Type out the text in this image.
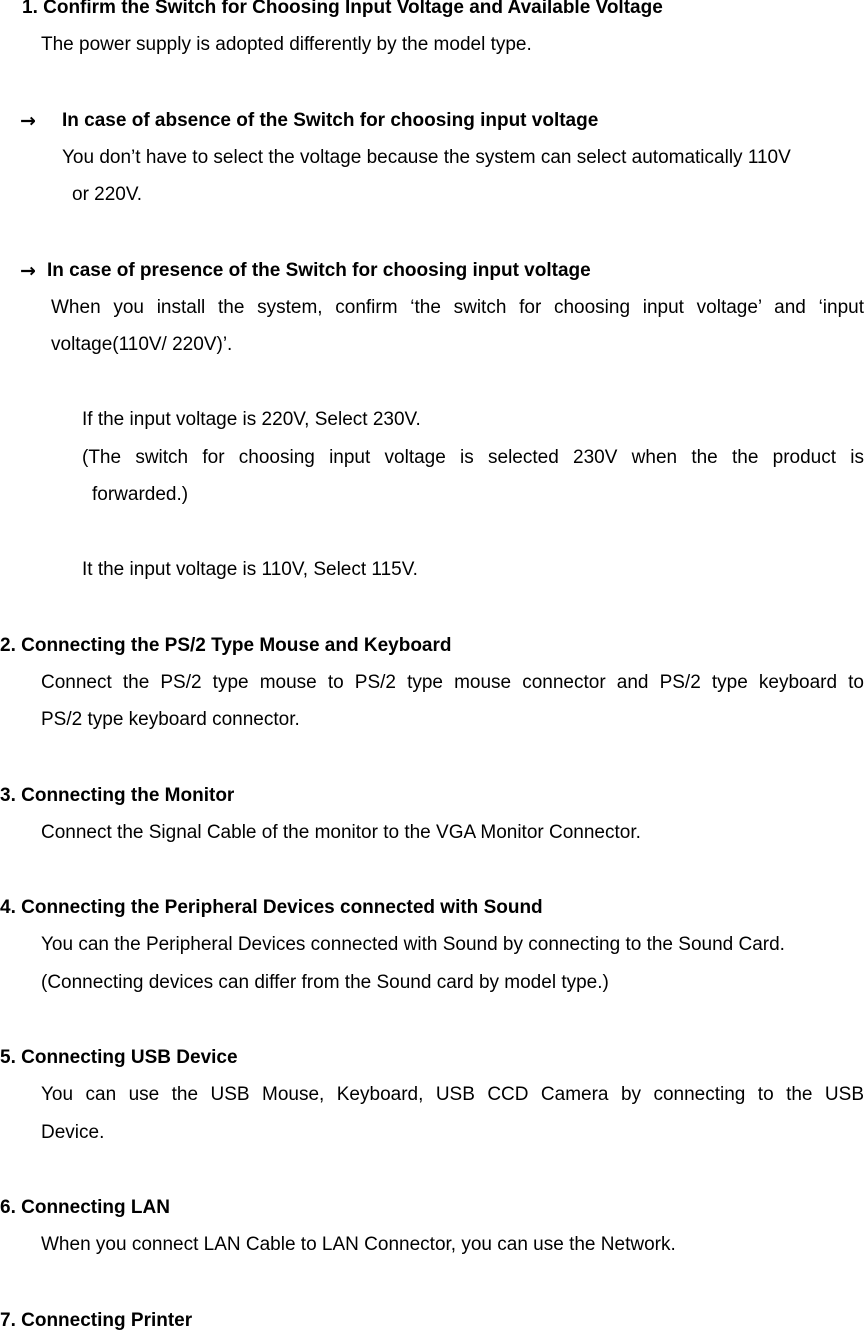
1. Confirm the Switch for Choosing Input Voltage and Available Voltage
The power supply is adopted differently by the model type.
→ In case of absence of the Switch for choosing input voltage
You don’t have to select the voltage because the system can select automatically 110V
or 220V.
→ In case of presence of the Switch for choosing input voltage
When you install the system, confirm ‘the switch for choosing input voltage’ and ‘input
voltage(110V/ 220V)’.
If the input voltage is 220V, Select 230V.
(The switch for choosing input voltage is selected 230V when the the product is
forwarded.)
It the input voltage is 110V, Select 115V.
2. Connecting the PS/2 Type Mouse and Keyboard
Connect the PS/2 type mouse to PS/2 type mouse connector and PS/2 type keyboard to
PS/2 type keyboard connector.
3. Connecting the Monitor
Connect the Signal Cable of the monitor to the VGA Monitor Connector.
4. Connecting the Peripheral Devices connected with Sound
You can the Peripheral Devices connected with Sound by connecting to the Sound Card.
(Connecting devices can differ from the Sound card by model type.)
5. Connecting USB Device
You can use the USB Mouse, Keyboard, USB CCD Camera by connecting to the USB
Device.
6. Connecting LAN
When you connect LAN Cable to LAN Connector, you can use the Network.
7. Connecting Printer
